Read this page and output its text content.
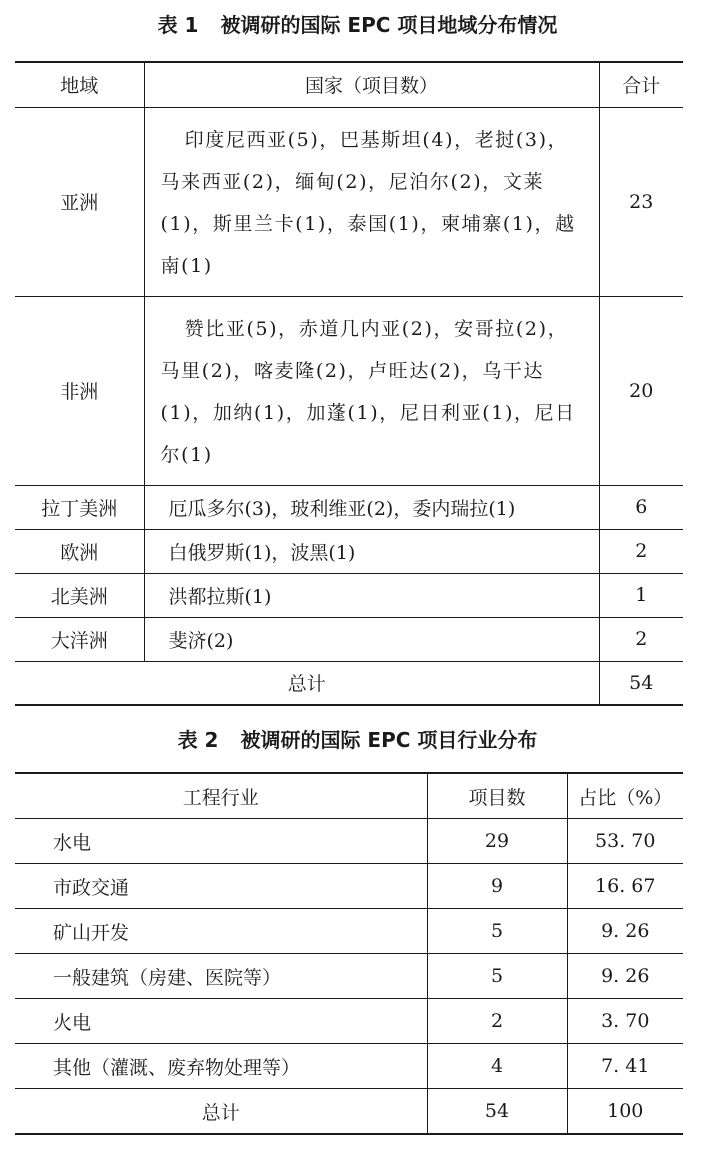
表 1 被调研的国际 EPC 项目地域分布情况
地域	国家（项目数）	合计
亚洲	印度尼西亚(5)，巴基斯坦(4)，老挝(3)，马来西亚(2)，缅甸(2)，尼泊尔(2)，文莱(1)，斯里兰卡(1)，泰国(1)，柬埔寨(1)，越南(1)	23
非洲	赞比亚(5)，赤道几内亚(2)，安哥拉(2)，马里(2)，喀麦隆(2)，卢旺达(2)，乌干达(1)，加纳(1)，加蓬(1)，尼日利亚(1)，尼日尔(1)	20
拉丁美洲	厄瓜多尔(3)，玻利维亚(2)，委内瑞拉(1)	6
欧洲	白俄罗斯(1)，波黑(1)	2
北美洲	洪都拉斯(1)	1
大洋洲	斐济(2)	2
总计		54
表 2 被调研的国际 EPC 项目行业分布
工程行业	项目数	占比（%）
水电	29	53. 70
市政交通	9	16. 67
矿山开发	5	9. 26
一般建筑（房建、医院等）	5	9. 26
火电	2	3. 70
其他（灌溉、废弃物处理等）	4	7. 41
总计	54	100
